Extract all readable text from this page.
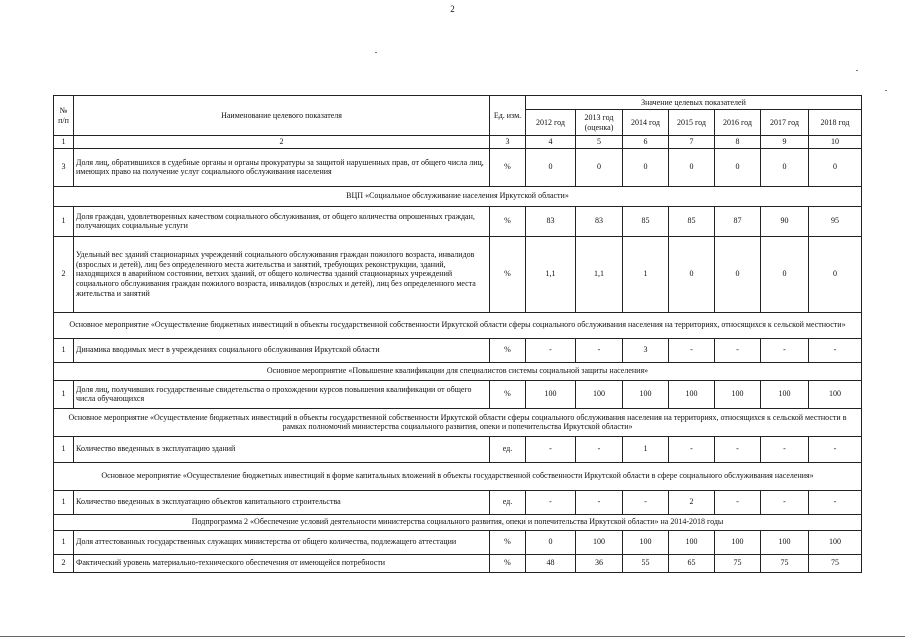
2
№ п/п	Наименование целевого показателя	Ед. изм.	Значение целевых показателей						
			2012 год	2013 год (оценка)	2014 год	2015 год	2016 год	2017 год	2018 год
1	2	3	4	5	6	7	8	9	10
3	Доля лиц, обратившихся в судебные органы и органы прокуратуры за защитой нарушенных прав, от общего числа лиц, имеющих право на получение услуг социального обслуживания населения	%	0	0	0	0	0	0	0
ВЦП «Социальное обслуживание населения Иркутской области»									
1	Доля граждан, удовлетворенных качеством социального обслуживания, от общего количества опрошенных граждан, получающих социальные услуги	%	83	83	85	85	87	90	95
2	Удельный вес зданий стационарных учреждений социального обслуживания граждан пожилого возраста, инвалидов (взрослых и детей), лиц без определенного места жительства и занятий, требующих реконструкции, зданий, находящихся в аварийном состоянии, ветхих зданий, от общего количества зданий стационарных учреждений социального обслуживания граждан пожилого возраста, инвалидов (взрослых и детей), лиц без определенного места жительства и занятий	%	1,1	1,1	1	0	0	0	0
Основное мероприятие «Осуществление бюджетных инвестиций в объекты государственной собственности Иркутской области сферы социального обслуживания населения на территориях, относящихся к сельской местности»									
1	Динамика вводимых мест в учреждениях социального обслуживания Иркутской области	%	-	-	3	-	-	-	-
Основное мероприятие «Повышение квалификации для специалистов системы социальной защиты населения»									
1	Доля лиц, получивших государственные свидетельства о прохождении курсов повышения квалификации от общего числа обучающихся	%	100	100	100	100	100	100	100
Основное мероприятие «Осуществление бюджетных инвестиций в объекты государственной собственности Иркутской области сферы социального обслуживания населения на территориях, относящихся к сельской местности в рамках полномочий министерства социального развития, опеки и попечительства Иркутской области»									
1	Количество введенных в эксплуатацию зданий	ед.	-	-	1	-	-	-	-
Основное мероприятие «Осуществление бюджетных инвестиций в форме капитальных вложений в объекты государственной собственности Иркутской области в сфере социального обслуживания населения»									
1	Количество введенных в эксплуатацию объектов капитального строительства	ед.	-	-	-	2	-	-	-
Подпрограмма 2 «Обеспечение условий деятельности министерства социального развития, опеки и попечительства Иркутской области» на 2014-2018 годы									
1	Доля аттестованных государственных служащих министерства от общего количества, подлежащего аттестации	%	0	100	100	100	100	100	100
2	Фактический уровень материально-технического обеспечения от имеющейся потребности	%	48	36	55	65	75	75	75
